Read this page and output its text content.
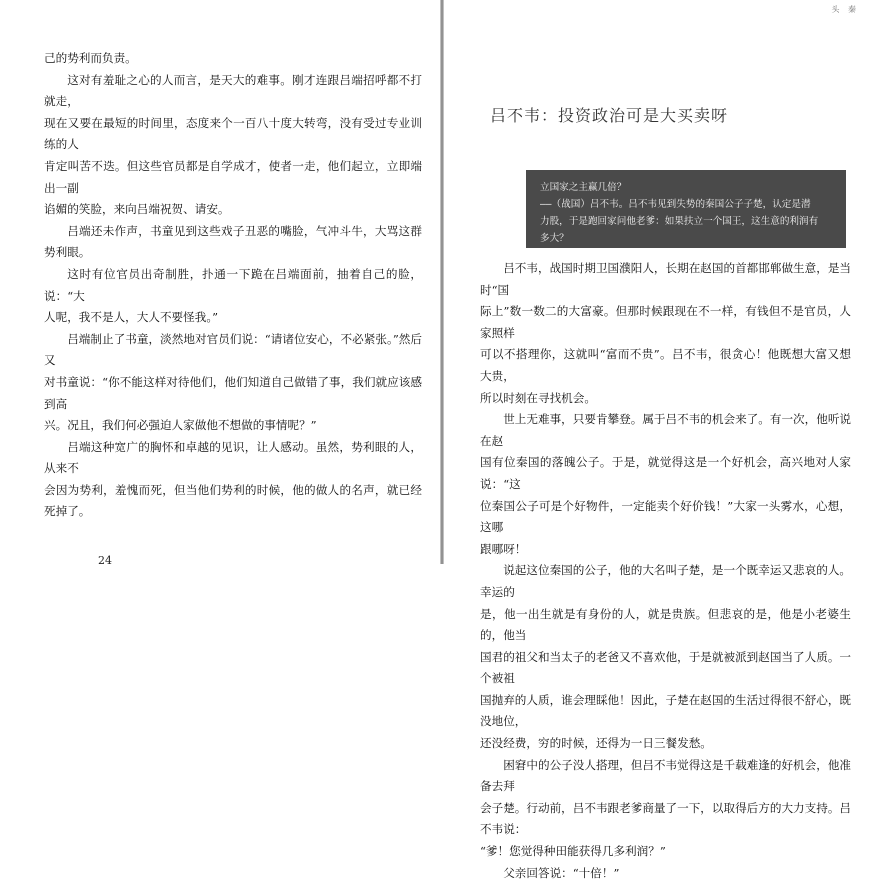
己的势利而负责。
这对有羞耻之心的人而言，是天大的难事。刚才连跟吕端招呼都不打就走，
现在又要在最短的时间里，态度来个一百八十度大转弯，没有受过专业训练的人
肯定叫苦不迭。但这些官员都是自学成才，使者一走，他们起立，立即端出一副
谄媚的笑脸，来向吕端祝贺、请安。
吕端还未作声，书童见到这些戏子丑恶的嘴脸，气冲斗牛，大骂这群势利眼。
这时有位官员出奇制胜，扑通一下跪在吕端面前，抽着自己的脸，说：“大
人呢，我不是人，大人不要怪我。”
吕端制止了书童，淡然地对官员们说：“请诸位安心，不必紧张。”然后又
对书童说：“你不能这样对待他们，他们知道自己做错了事，我们就应该感到高
兴。况且，我们何必强迫人家做他不想做的事情呢？”
吕端这种宽广的胸怀和卓越的见识，让人感动。虽然，势利眼的人，从来不
会因为势利，羞愧而死，但当他们势利的时候，他的做人的名声，就已经死掉了。
24
头 秦
吕不韦：投资政治可是大买卖呀
立国家之主赢几倍？
——（战国）吕不韦。吕不韦见到失势的秦国公子子楚，认定是潜
力股，于是跑回家问他老爹：如果扶立一个国王，这生意的利润有
多大？
吕不韦，战国时期卫国濮阳人，长期在赵国的首都邯郸做生意，是当时“国
际上”数一数二的大富豪。但那时候跟现在不一样，有钱但不是官员，人家照样
可以不搭理你，这就叫“富而不贵”。吕不韦，很贪心！他既想大富又想大贵，
所以时刻在寻找机会。
世上无难事，只要肯攀登。属于吕不韦的机会来了。有一次，他听说在赵
国有位秦国的落魄公子。于是，就觉得这是一个好机会，高兴地对人家说：“这
位秦国公子可是个好物件，一定能卖个好价钱！”大家一头雾水，心想，这哪
跟哪呀！
说起这位秦国的公子，他的大名叫子楚，是一个既幸运又悲哀的人。幸运的
是，他一出生就是有身份的人，就是贵族。但悲哀的是，他是小老婆生的，他当
国君的祖父和当太子的老爸又不喜欢他，于是就被派到赵国当了人质。一个被祖
国抛弃的人质，谁会理睬他！因此，子楚在赵国的生活过得很不舒心，既没地位，
还没经费，穷的时候，还得为一日三餐发愁。
困窘中的公子没人搭理，但吕不韦觉得这是千载难逢的好机会，他准备去拜
会子楚。行动前，吕不韦跟老爹商量了一下，以取得后方的大力支持。吕不韦说：
“爹！您觉得种田能获得几多利润？”
父亲回答说：“十倍！”
